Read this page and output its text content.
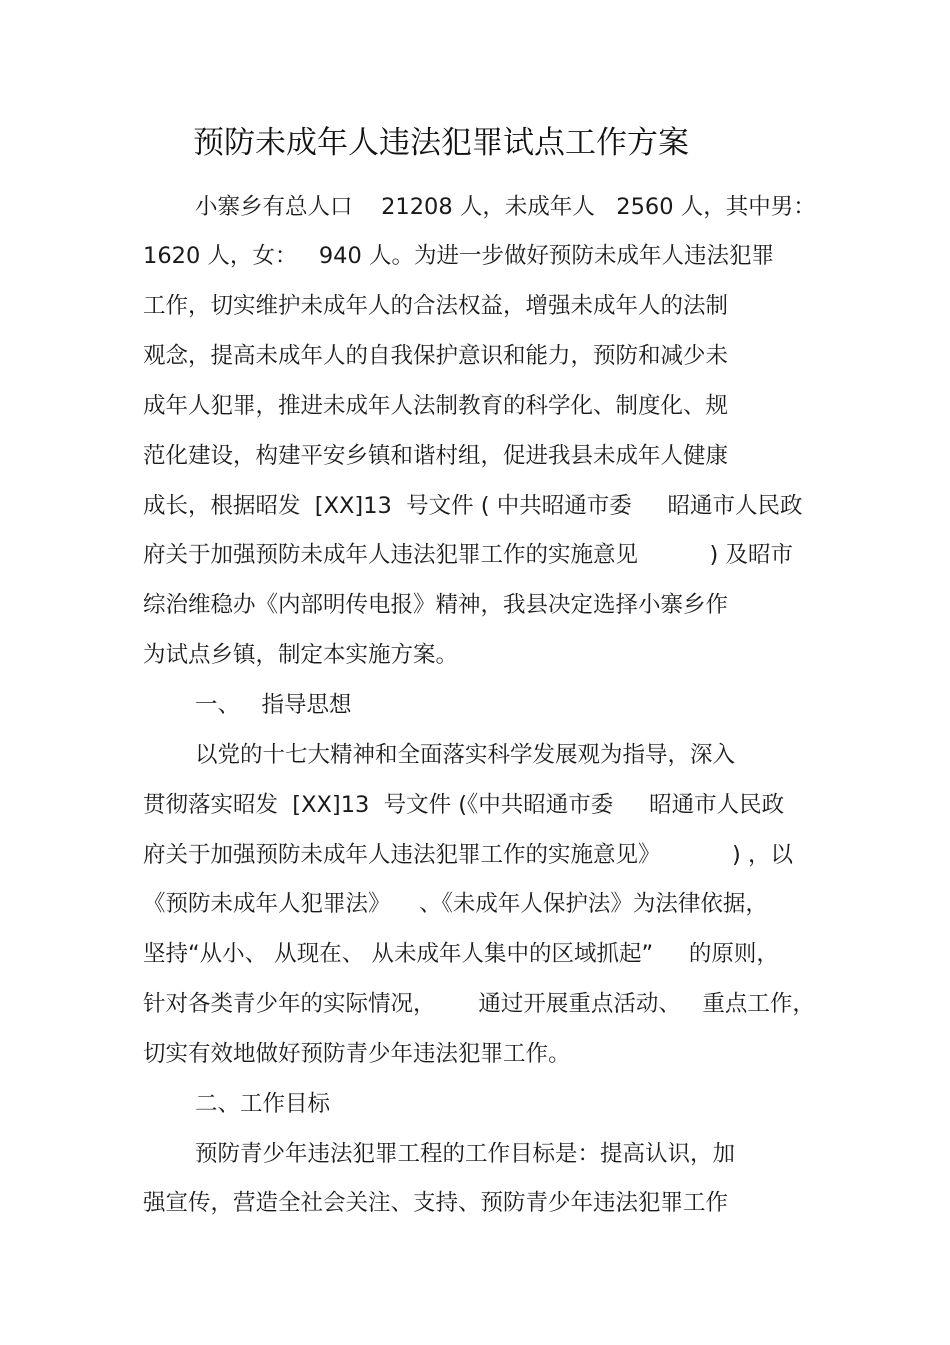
预防未成年人违法犯罪试点工作方案
小寨乡有总人口    21208 人，未成年人   2560 人，其中男：
1620 人，女：   940 人。为进一步做好预防未成年人违法犯罪
工作，切实维护未成年人的合法权益，增强未成年人的法制
观念，提高未成年人的自我保护意识和能力，预防和减少未
成年人犯罪，推进未成年人法制教育的科学化、制度化、规
范化建设，构建平安乡镇和谐村组，促进我县未成年人健康
成长，根据昭发  [XX]13  号文件 ( 中共昭通市委     昭通市人民政
府关于加强预防未成年人违法犯罪工作的实施意见          ) 及昭市
综治维稳办《内部明传电报》精神，我县决定选择小寨乡作
为试点乡镇，制定本实施方案。
一、   指导思想
以党的十七大精神和全面落实科学发展观为指导，深入
贯彻落实昭发  [XX]13  号文件 (《中共昭通市委     昭通市人民政
府关于加强预防未成年人违法犯罪工作的实施意见》          ) ，以
《预防未成年人犯罪法》    、《未成年人保护法》为法律依据，
坚持“从小、 从现在、 从未成年人集中的区域抓起”     的原则，
针对各类青少年的实际情况，      通过开展重点活动、   重点工作，
切实有效地做好预防青少年违法犯罪工作。
二、工作目标
预防青少年违法犯罪工程的工作目标是：提高认识，加
强宣传，营造全社会关注、支持、预防青少年违法犯罪工作
